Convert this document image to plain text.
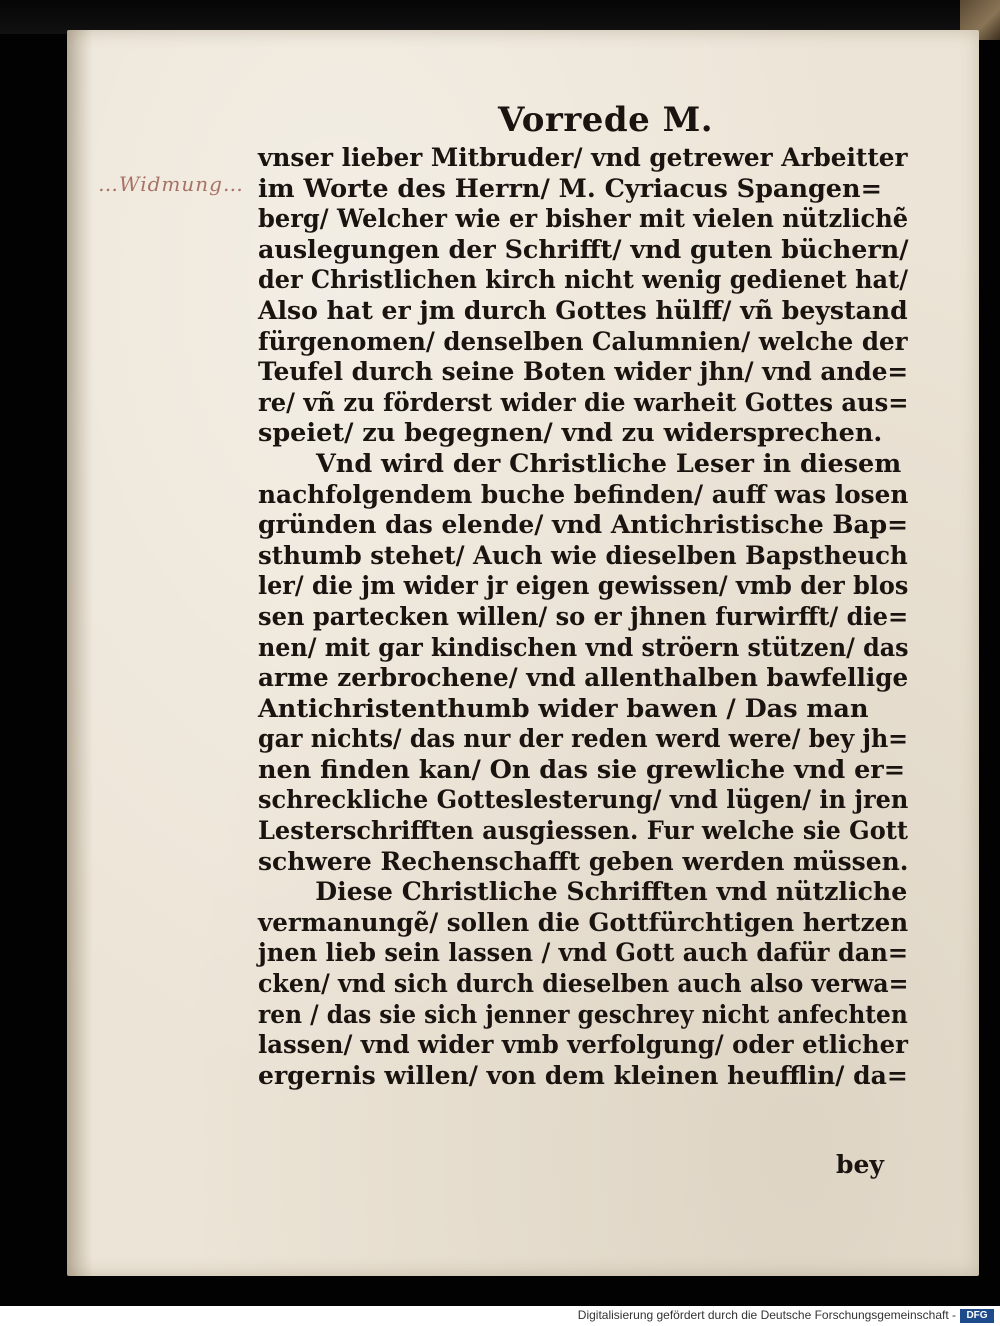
Vorrede M.
…Widmung…
vnser lieber Mitbruder/ vnd getrewer Arbeitter
im Worte des Herrn/ M. Cyriacus Spangen=
berg/ Welcher wie er bisher mit vielen nützlichẽ
auslegungen der Schrifft/ vnd guten büchern/
der Christlichen kirch nicht wenig gedienet hat/
Also hat er jm durch Gottes hülff/ vñ beystand
fürgenomen/ denselben Calumnien/ welche der
Teufel durch seine Boten wider jhn/ vnd ande=
re/ vñ zu förderst wider die warheit Gottes aus=
speiet/ zu begegnen/ vnd zu widersprechen.
Vnd wird der Christliche Leser in diesem
nachfolgendem buche befinden/ auff was losen
gründen das elende/ vnd Antichristische Bap=
sthumb stehet/ Auch wie dieselben Bapstheuch
ler/ die jm wider jr eigen gewissen/ vmb der blos
sen partecken willen/ so er jhnen furwirfft/ die=
nen/ mit gar kindischen vnd ströern stützen/ das
arme zerbrochene/ vnd allenthalben bawfellige
Antichristenthumb wider bawen / Das man
gar nichts/ das nur der reden werd were/ bey jh=
nen finden kan/ On das sie grewliche vnd er=
schreckliche Gotteslesterung/ vnd lügen/ in jren
Lesterschrifften ausgiessen. Fur welche sie Gott
schwere Rechenschafft geben werden müssen.
Diese Christliche Schrifften vnd nützliche
vermanungẽ/ sollen die Gottfürchtigen hertzen
jnen lieb sein lassen / vnd Gott auch dafür dan=
cken/ vnd sich durch dieselben auch also verwa=
ren / das sie sich jenner geschrey nicht anfechten
lassen/ vnd wider vmb verfolgung/ oder etlicher
ergernis willen/ von dem kleinen heufflin/ da=
bey
Digitalisierung gefördert durch die Deutsche Forschungsgemeinschaft -	DFG
